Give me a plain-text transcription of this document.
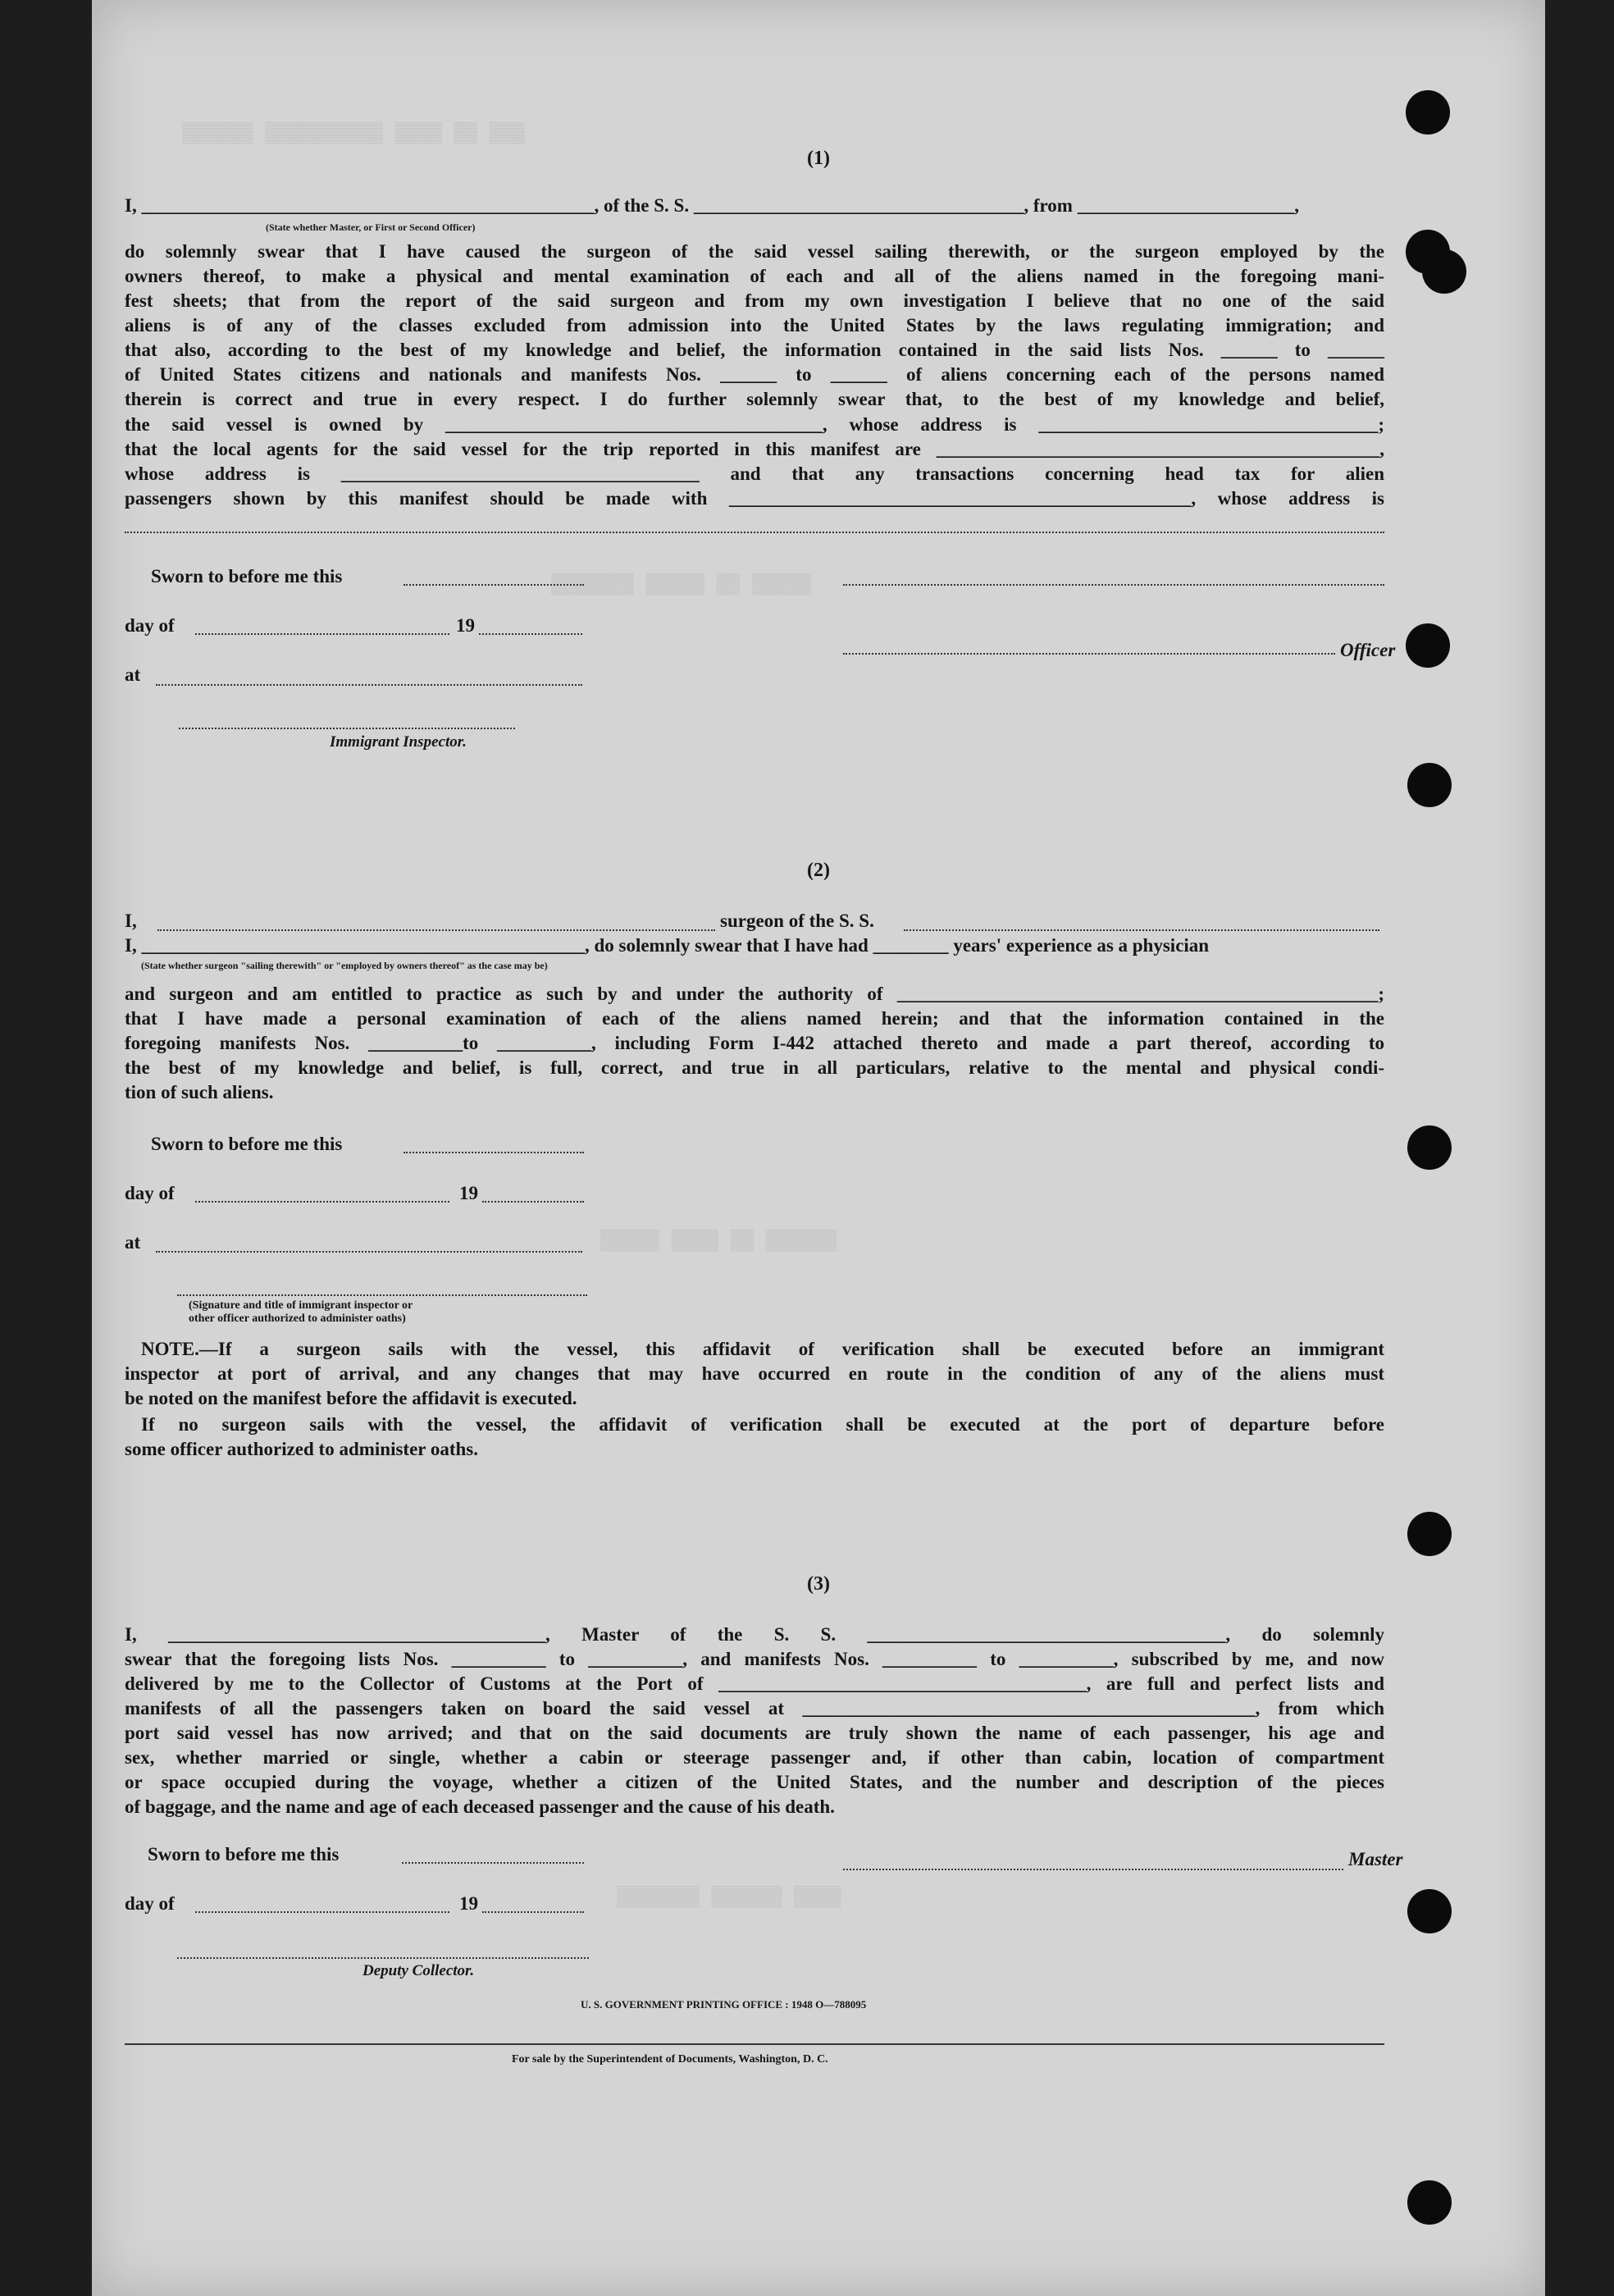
▒▒▒ ▒▒ ▒▒▒▒ ▒▒▒▒▒▒▒▒▒▒ ▒▒▒▒▒▒
▒▒▒▒▒ ▒▒ ▒▒▒▒▒ ▒▒▒▒▒▒▒
▒▒▒▒▒▒ ▒▒ ▒▒▒▒ ▒▒▒▒▒
▒▒▒▒ ▒▒▒▒▒▒ ▒▒▒▒▒▒▒
(1)
I, ________________________________________________, of the S. S. ___________________________________, from _______________________,
(State whether Master, or First or Second Officer)
do solemnly swear that I have caused the surgeon of the said vessel sailing therewith, or the surgeon employed by the
owners thereof, to make a physical and mental examination of each and all of the aliens named in the foregoing mani-
fest sheets; that from the report of the said surgeon and from my own investigation I believe that no one of the said
aliens is of any of the classes excluded from admission into the United States by the laws regulating immigration; and
that also, according to the best of my knowledge and belief, the information contained in the said lists Nos. ______ to ______
of United States citizens and nationals and manifests Nos. ______ to ______ of aliens concerning each of the persons named
therein is correct and true in every respect. I do further solemnly swear that, to the best of my knowledge and belief,
the said vessel is owned by ________________________________________, whose address is ____________________________________;
that the local agents for the said vessel for the trip reported in this manifest are _______________________________________________,
whose address is ______________________________________ and that any transactions concerning head tax for alien
passengers shown by this manifest should be made with _________________________________________________, whose address is
Sworn to before me this
day of	19
Officer
at
Immigrant Inspector.
(2)
I,	surgeon of the S. S.
I, _______________________________________________, do solemnly swear that I have had ________ years' experience as a physician
(State whether surgeon "sailing therewith" or "employed by owners thereof" as the case may be)
and surgeon and am entitled to practice as such by and under the authority of ___________________________________________________;
that I have made a personal examination of each of the aliens named herein; and that the information contained in the
foregoing manifests Nos. __________to __________, including Form I-442 attached thereto and made a part thereof, according to
the best of my knowledge and belief, is full, correct, and true in all particulars, relative to the mental and physical condi-
tion of such aliens.
Sworn to before me this
day of	19
at
(Signature and title of immigrant inspector or
other officer authorized to administer oaths)
NOTE.—If a surgeon sails with the vessel, this affidavit of verification shall be executed before an immigrant
inspector at port of arrival, and any changes that may have occurred en route in the condition of any of the aliens must
be noted on the manifest before the affidavit is executed.
If no surgeon sails with the vessel, the affidavit of verification shall be executed at the port of departure before
some officer authorized to administer oaths.
(3)
I, ________________________________________, Master of the S. S. ______________________________________, do solemnly
swear that the foregoing lists Nos. __________ to __________, and manifests Nos. __________ to __________, subscribed by me, and now
delivered by me to the Collector of Customs at the Port of _______________________________________, are full and perfect lists and
manifests of all the passengers taken on board the said vessel at ________________________________________________, from which
port said vessel has now arrived; and that on the said documents are truly shown the name of each passenger, his age and
sex, whether married or single, whether a cabin or steerage passenger and, if other than cabin, location of compartment
or space occupied during the voyage, whether a citizen of the United States, and the number and description of the pieces
of baggage, and the name and age of each deceased passenger and the cause of his death.
Sworn to before me this	Master
day of	19
Deputy Collector.
U. S. GOVERNMENT PRINTING OFFICE : 1948 O—788095
For sale by the Superintendent of Documents, Washington, D. C.
